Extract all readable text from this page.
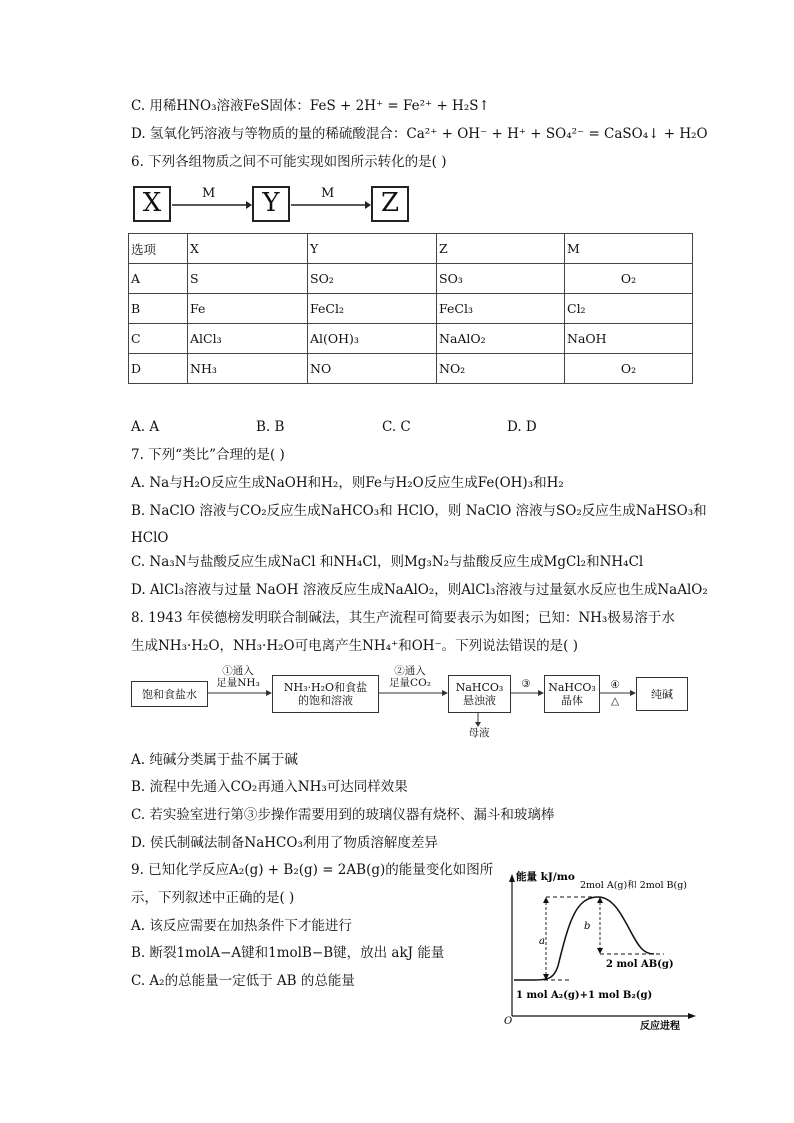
C. 用稀HNO₃溶液FeS固体：FeS + 2H⁺ = Fe²⁺ + H₂S↑
D. 氢氧化钙溶液与等物质的量的稀硫酸混合：Ca²⁺ + OH⁻ + H⁺ + SO₄²⁻ = CaSO₄↓ + H₂O
6. 下列各组物质之间不可能实现如图所示转化的是( )
X	Y	Z
M	M
选项	X	Y	Z	M
A	S	SO₂	SO₃	O₂
B	Fe	FeCl₂	FeCl₃	Cl₂
C	AlCl₃	Al(OH)₃	NaAlO₂	NaOH
D	NH₃	NO	NO₂	O₂
A. A	B. B	C. C	D. D
7. 下列“类比”合理的是( )
A. Na与H₂O反应生成NaOH和H₂，则Fe与H₂O反应生成Fe(OH)₃和H₂
B. NaClO 溶液与CO₂反应生成NaHCO₃和 HClO，则 NaClO 溶液与SO₂反应生成NaHSO₃和
HClO
C. Na₃N与盐酸反应生成NaCl 和NH₄Cl，则Mg₃N₂与盐酸反应生成MgCl₂和NH₄Cl
D. AlCl₃溶液与过量 NaOH 溶液反应生成NaAlO₂，则AlCl₃溶液与过量氨水反应也生成NaAlO₂
8. 1943 年侯德榜发明联合制碱法，其生产流程可简要表示为如图；已知：NH₃极易溶于水
生成NH₃·H₂O，NH₃·H₂O可电离产生NH₄⁺和OH⁻。下列说法错误的是( )
饱和食盐水
①通入
足量NH₃	NH₃·H₂O和食盐
的饱和溶液
②通入
足量CO₂	NaHCO₃
悬浊液
③	NaHCO₃
晶体
④
△
纯碱
母液
A. 纯碱分类属于盐不属于碱
B. 流程中先通入CO₂再通入NH₃可达同样效果
C. 若实验室进行第③步操作需要用到的玻璃仪器有烧杯、漏斗和玻璃棒
D. 侯氏制碱法制备NaHCO₃利用了物质溶解度差异
9. 已知化学反应A₂(g) + B₂(g) = 2AB(g)的能量变化如图所
示，下列叙述中正确的是( )
A. 该反应需要在加热条件下才能进行
B. 断裂1molA−A键和1molB−B键，放出 akJ 能量
C. A₂的总能量一定低于 AB 的总能量
能量 kJ/mo
2mol A(g)和 2mol B(g)
2 mol AB(g)
1 mol A₂(g)+1 mol B₂(g)
a
b
O	反应进程
